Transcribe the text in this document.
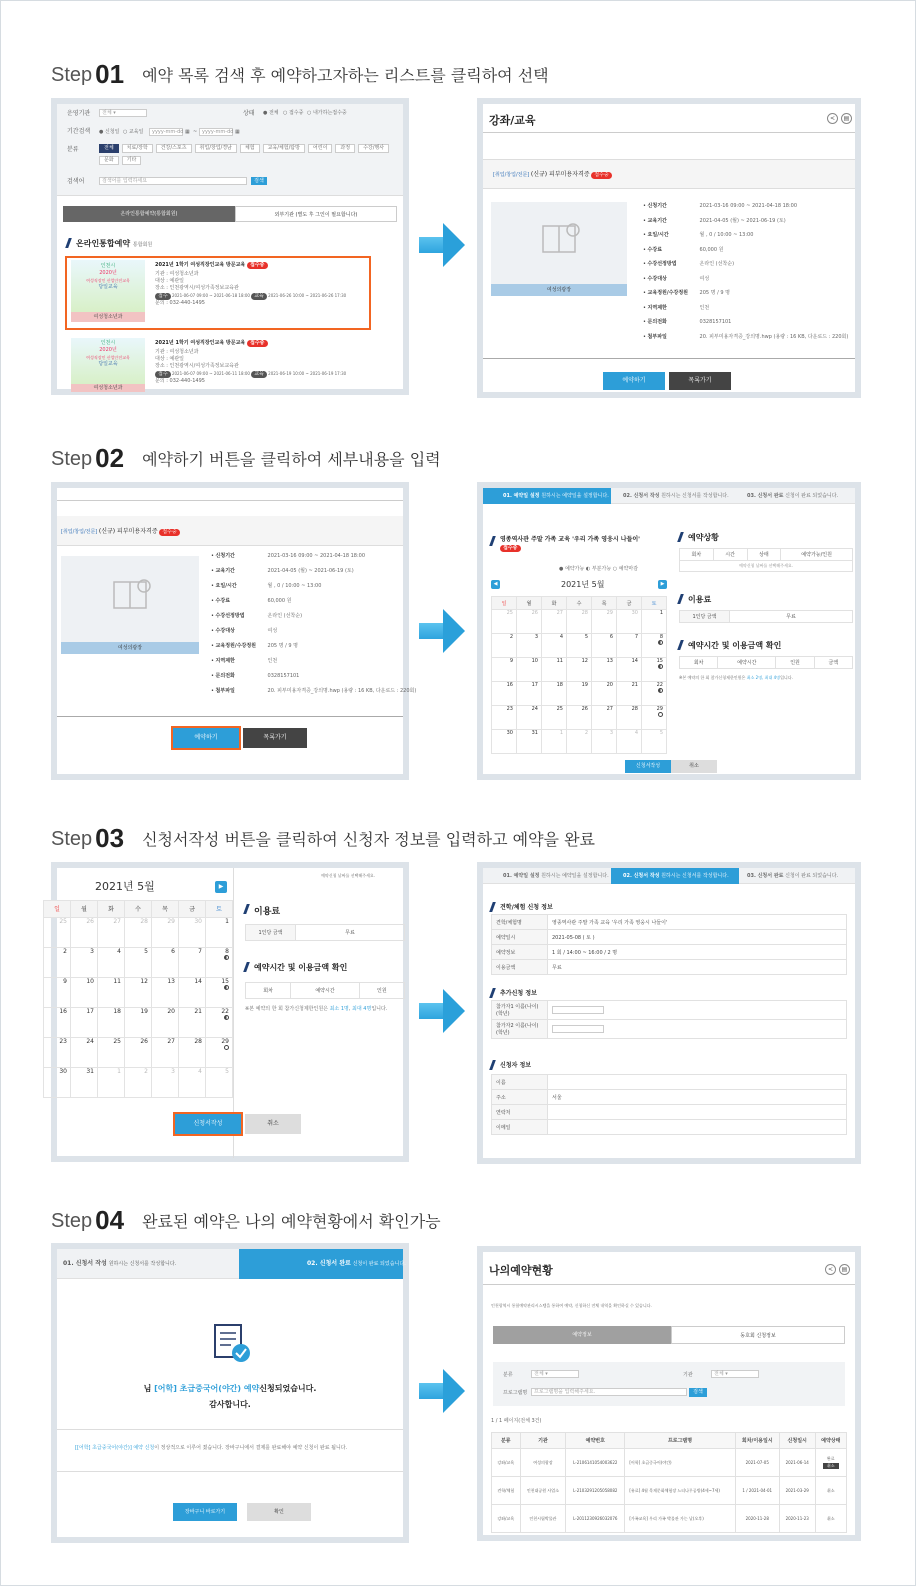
Step 01 예약 목록 검색 후 예약하고자하는 리스트를 클릭하여 선택
Step 02 예약하기 버튼을 클릭하여 세부내용을 입력
Step 03 신청서작성 버튼을 클릭하여 신청자 정보를 입력하고 예약을 완료
Step 04 완료된 예약은 나의 예약현황에서 확인가능
운영기관	전체 ▾	상태 ● 전체 ○ 접수중 ○ 내가하는접수중
기간검색 ● 신청일 ○ 교육일	yyyy-mm-dd ▦ ~ yyyy-mm-dd ▦
분류	전체	치료/장학	건강/스포츠	취업/창업/경남	체험	교육/체험/탐방	어린이	과정	수강/행사
문화	기타
검색어	검색어를 입력하세요	검색
온라인통합예약(통합회원)	외부기관 (별도 후 그인이 필요합니다)
온라인통합예약 통합회원
인천시
2020년
여성직장인 산업안전교육
당일교육
여성청소년과
2021년 1학기 여성직장인교육 방문교육 접수중
기관 : 여성청소년과
대상 : 예관일
장소 : 인천광역시/여성가족정보교육관
접수 2021-06-07 09:00 ~ 2021-06-18 18:00 교육 2021-06-26 10:00 ~ 2021-06-26 17:30
문의 : 032-440-1495
인천시
2020년
여성직장인 산업안전교육
당일교육
여성청소년과
2021년 1학기 여성직장인교육 방문교육 접수중
기관 : 여성청소년과
대상 : 예관일
장소 : 인천광역시/여성가족정보교육관
접수 2021-06-07 09:00 ~ 2021-06-11 18:00 교육 2021-06-19 10:00 ~ 2021-06-19 17:30
문의 : 032-440-1495
강좌/교육	<	▤
[취업/창업/전문] (신규) 피부미용자격증 접수중
여성의광장
• 신청기간	2021-03-16 09:00 ~ 2021-04-18 18:00
• 교육기간	2021-04-05 (월) ~ 2021-06-19 (토)
• 요일/시간	월 , 0 / 10:00 ~ 13:00
• 수강료	60,000 원
• 수강선정방법	온라인 (선착순)
• 수강대상	여성
• 교육정원/수강정원 205 명 / 9 명
• 지역제한	인천
• 문의전화	0328157101
• 첨부파일	20. 피부미용자격증_강의명.hwp (용량 : 16 KB, 다운로드 : 220회)
예약하기	목록가기
[취업/창업/전문] (신규) 피부미용자격증 접수중
여성의광장
• 신청기간	2021-03-16 09:00 ~ 2021-04-18 18:00
• 교육기간	2021-04-05 (월) ~ 2021-06-19 (토)
• 요일/시간	월 , 0 / 10:00 ~ 13:00
• 수강료	60,000 원
• 수강선정방법	온라인 (선착순)
• 수강대상	여성
• 교육정원/수강정원 205 명 / 9 명
• 지역제한	인천
• 문의전화	0328157101
• 첨부파일	20. 피부미용자격증_강의명.hwp (용량 : 16 KB, 다운로드 : 220회)
예약하기	목록가기
01. 예약일 설정 원하시는 예약일을 설정합니다.	02. 신청서 작성 원하시는 신청서를 작성합니다.	03. 신청서 완료 신청이 완료 되었습니다.
영종역사관 주말 가족 교육 '우리 가족 영웅시 나들이' 접수중
● 예약가능 ◐ 부분가능 ○ 예약마감
◀	2021년 5월	▶
일	월	화	수	목	금	토

25	26	27	28	29	30	1

2	3	4	5	6	7	8

9	10	11	12	13	14	15

16	17	18	19	20	21	22

23	24	25	26	27	28	29

30	31	1	2	3	4	5
예약상황
회차	시간	상태	예약가능/인원
예약신청 날짜를 선택해주세요.
이용료
1인당 금액	무료
예약시간 및 이용금액 확인
회차	예약시간	인원	금액
※본 예약의 한 회 참가신청제한인원은 최소 2명, 최대 4명입니다.
신청서작성	취소
2021년 5월	▶
일	월	화	수	목	금	토

25	26	27	28	29	30	1

2	3	4	5	6	7	8

9	10	11	12	13	14	15

16	17	18	19	20	21	22

23	24	25	26	27	28	29

30	31	1	2	3	4	5
예약신청 날짜를 선택해주세요.
이용료
1인당 금액	무료
예약시간 및 이용금액 확인
회차	예약시간	인원
※본 예약의 한 회 참가신청제한인원은 최소 1명, 최대 4명입니다.
신청서작성	취소
01. 예약일 설정 원하시는 예약일을 설정합니다.	02. 신청서 작성 원하시는 신청서를 작성합니다.	03. 신청서 완료 신청이 완료 되었습니다.
견학/체험 신청 정보
견학/체험명	영종역사관 주말 가족 교육 '우리 가족 영웅시 나들이'
예약일시	2021-05-08 ( 토 )
예약정보	1 회 / 14:00 ~ 16:00 / 2 명
이용금액	무료
추가신청 정보
참가자1 이름(나이)(학년)	

참가자2 이름(나이)(학년)	
신청자 정보
이름	
주소	서울
연락처	
이메일	
01. 신청서 작성 원하시는 신청서를 작성합니다.	02. 신청서 완료 신청이 완료 되었습니다.
님 [어학] 초급중국어(야간) 예약신청되었습니다.
감사합니다.
[[어학] 초급중국어(야간)] 예약 신청이 정상적으로 이루어 졌습니다. 장바구니에서 결제를 완료해야 예약 신청이 완료 됩니다.
장바구니 바로가기	확인
나의예약현황	<	▤
인천광역시 통합예약관리시스템을 통하여 예약, 신청하신 전체 내역을 확인하실 수 있습니다.
예약정보	동호회 신청정보
분류	전체 ▾	기관	전체 ▾
프로그램명	프로그램명을 입력해주세요.	검색
1 / 1 페이지(전체 3건)
분류	기관	예약번호	프로그램명	회차/이용일시	신청일시	예약상태
강좌/교육	여성의광장	L-2106141054003622	[어학] 초급중국어(야간)	2021-07-05	2021-06-14	완료
취소

견학/체험	인천대공원 사업소	L-2103291205058082	[유료] 4월 목재문화체험장 느티나무공방(4세~7세)	1 / 2021-04-01	2021-03-29	취소
강좌/교육	인천시립박물관	L-2011230926032076	[가족교육] 우리 가족 박물관 가는 날(오후)	2020-11-28	2020-11-23	취소
